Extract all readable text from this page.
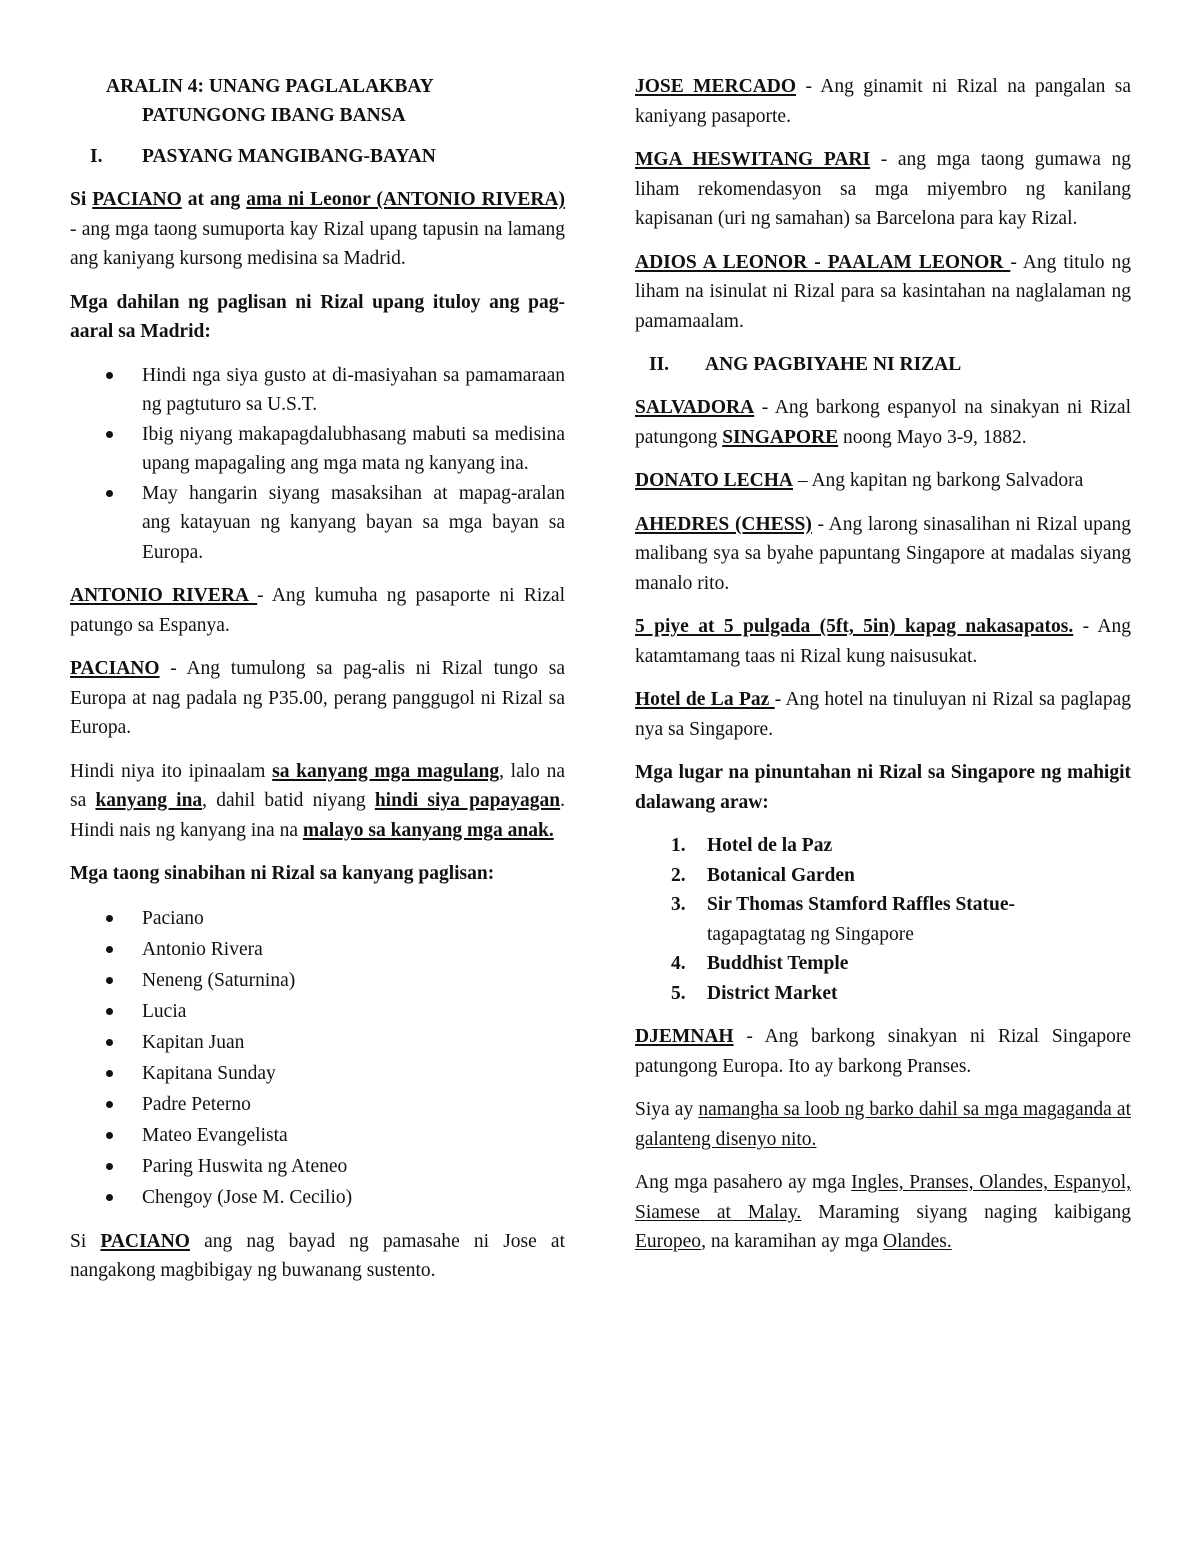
ARALIN 4: UNANG PAGLALAKBAY
PATUNGONG IBANG BANSA
I.	PASYANG MANGIBANG-BAYAN

Si PACIANO at ang ama ni Leonor (ANTONIO RIVERA) - ang mga taong sumuporta kay Rizal upang tapusin na lamang ang kaniyang kursong medisina sa Madrid.

Mga dahilan ng paglisan ni Rizal upang ituloy ang pag-aaral sa Madrid:

Hindi nga siya gusto at di-masiyahan sa pamamaraan ng pagtuturo sa U.S.T.
Ibig niyang makapagdalubhasang mabuti sa medisina upang mapagaling ang mga mata ng kanyang ina.
May hangarin siyang masaksihan at mapag-aralan ang katayuan ng kanyang bayan sa mga bayan sa Europa.

ANTONIO RIVERA - Ang kumuha ng pasaporte ni Rizal patungo sa Espanya.

PACIANO - Ang tumulong sa pag-alis ni Rizal tungo sa Europa at nag padala ng P35.00, perang panggugol ni Rizal sa Europa.

Hindi niya ito ipinaalam sa kanyang mga magulang, lalo na sa kanyang ina, dahil batid niyang hindi siya papayagan. Hindi nais ng kanyang ina na malayo sa kanyang mga anak.

Mga taong sinabihan ni Rizal sa kanyang paglisan:

Paciano
Antonio Rivera
Neneng (Saturnina)
Lucia
Kapitan Juan
Kapitana Sunday
Padre Peterno
Mateo Evangelista
Paring Huswita ng Ateneo
Chengoy (Jose M. Cecilio)

Si PACIANO ang nag bayad ng pamasahe ni Jose at nangakong magbibigay ng buwanang sustento.

JOSE MERCADO - Ang ginamit ni Rizal na pangalan sa kaniyang pasaporte.

MGA HESWITANG PARI - ang mga taong gumawa ng liham rekomendasyon sa mga miyembro ng kanilang kapisanan (uri ng samahan) sa Barcelona para kay Rizal.

ADIOS A LEONOR - PAALAM LEONOR - Ang titulo ng liham na isinulat ni Rizal para sa kasintahan na naglalaman ng pamamaalam.

II.	ANG PAGBIYAHE NI RIZAL

SALVADORA - Ang barkong espanyol na sinakyan ni Rizal patungong SINGAPORE noong Mayo 3-9, 1882.

DONATO LECHA – Ang kapitan ng barkong Salvadora

AHEDRES (CHESS) - Ang larong sinasalihan ni Rizal upang malibang sya sa byahe papuntang Singapore at madalas siyang manalo rito.

5 piye at 5 pulgada (5ft, 5in) kapag nakasapatos. - Ang katamtamang taas ni Rizal kung naisusukat.

Hotel de La Paz - Ang hotel na tinuluyan ni Rizal sa paglapag nya sa Singapore.

Mga lugar na pinuntahan ni Rizal sa Singapore ng mahigit dalawang araw:

1. Hotel de la Paz
2. Botanical Garden
3. Sir Thomas Stamford Raffles Statue-
tagapagtatag ng Singapore
4. Buddhist Temple
5. District Market

DJEMNAH - Ang barkong sinakyan ni Rizal Singapore patungong Europa. Ito ay barkong Pranses.

Siya ay namangha sa loob ng barko dahil sa mga magaganda at galanteng disenyo nito.

Ang mga pasahero ay mga Ingles, Pranses, Olandes, Espanyol, Siamese at Malay. Maraming siyang naging kaibigang Europeo, na karamihan ay mga Olandes.
